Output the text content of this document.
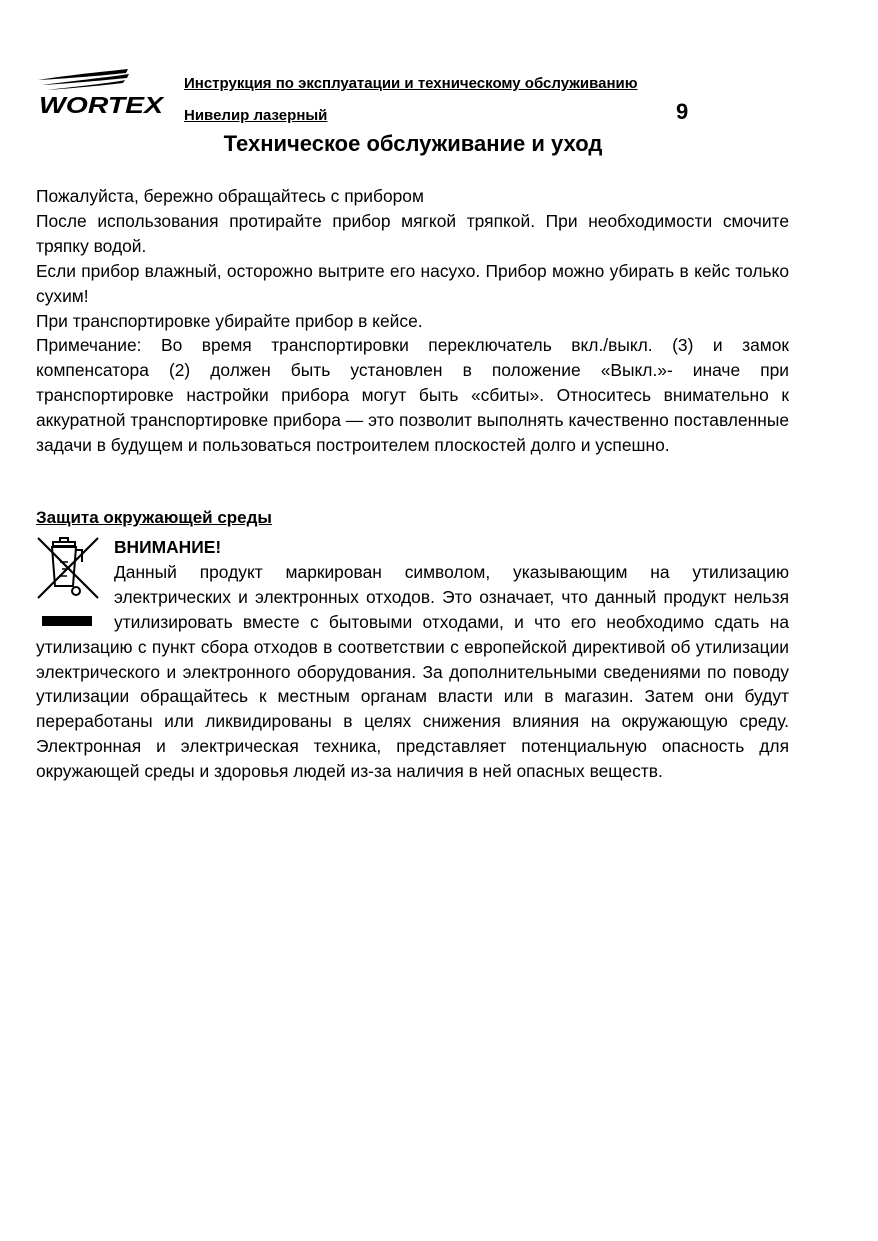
WORTEX
Инструкция по эксплуатации и техническому обслуживанию
Нивелир лазерный	9
Техническое обслуживание и уход

Пожалуйста, бережно обращайтесь с прибором

После использования протирайте прибор мягкой тряпкой. При необходимости смочите тряпку водой.

Если прибор влажный, осторожно вытрите его насухо. Прибор можно убирать в кейс только сухим!

При транспортировке убирайте прибор в кейсе.

Примечание: Во время транспортировки переключатель вкл./выкл. (3) и замок компенсатора (2) должен быть установлен в положение «Выкл.»- иначе при транспортировке настройки прибора могут быть «сбиты». Относитесь внимательно к аккуратной транспортировке прибора — это позволит выполнять качественно поставленные задачи в будущем и пользоваться построителем плоскостей долго и успешно.

Защита окружающей среды

ВНИМАНИЕ!

Данный продукт маркирован символом, указывающим на утилизацию электрических и электронных отходов. Это означает, что данный продукт нельзя утилизировать вместе с бытовыми отходами, и что его необходимо сдать на утилизацию с пункт сбора отходов в соответствии с европейской директивой об утилизации электрического и электронного оборудования. За дополнительными сведениями по поводу утилизации обращайтесь к местным органам власти или в магазин. Затем они будут переработаны или ликвидированы в целях снижения влияния на окружающую среду. Электронная и электрическая техника, представляет потенциальную опасность для окружающей среды и здоровья людей из-за наличия в ней опасных веществ.
